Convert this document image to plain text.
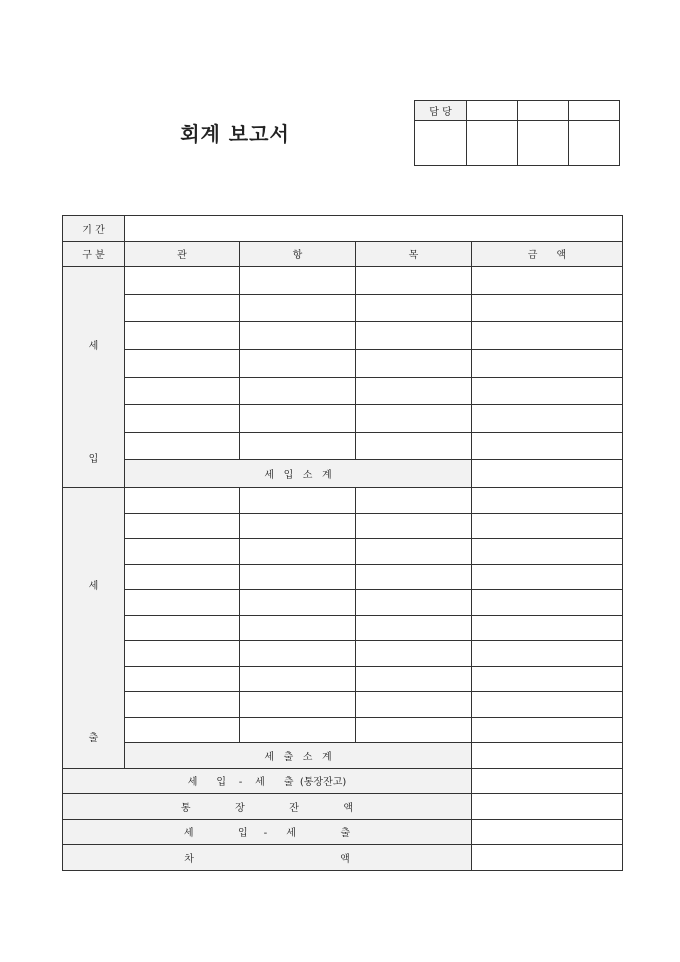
회계 보고서
담 당			

기 간				
구 분	관	항	목	금      액

세

입				

	세   입   소   계			

세

출				

	세   출   소   계			
세      입    -    세      출  (통장잔고)				
통              장              잔              액				
세              입     -      세              출				
차                                              액				
